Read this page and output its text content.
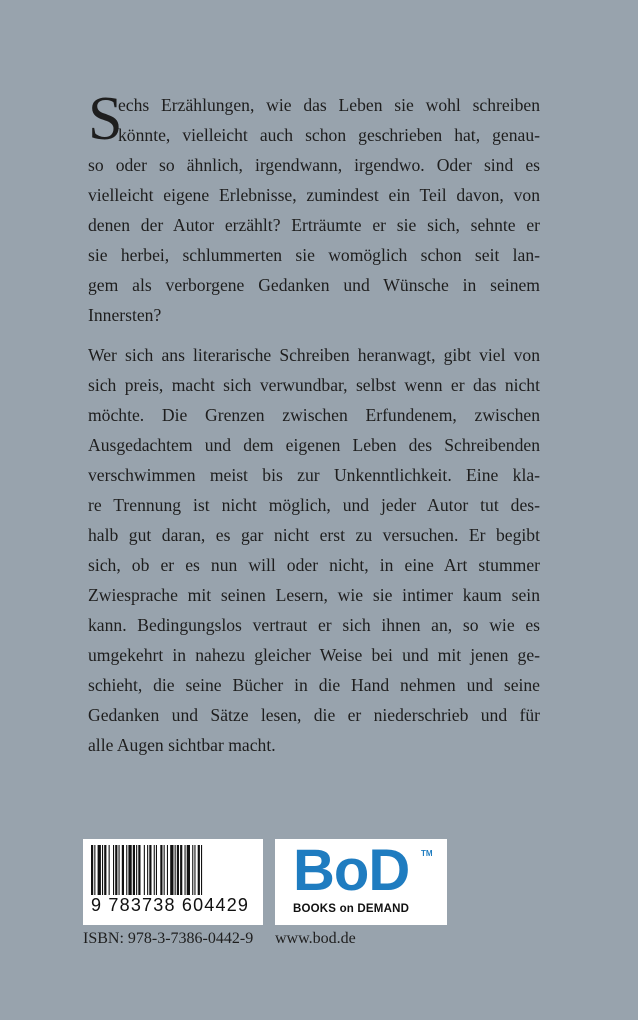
S
echs Erzählungen, wie das Leben sie wohl schreiben
könnte, vielleicht auch schon geschrieben hat, genau-
so oder so ähnlich, irgendwann, irgendwo. Oder sind es
vielleicht eigene Erlebnisse, zumindest ein Teil davon, von
denen der Autor erzählt? Erträumte er sie sich, sehnte er
sie herbei, schlummerten sie womöglich schon seit lan-
gem als verborgene Gedanken und Wünsche in seinem
Innersten?
Wer sich ans literarische Schreiben heranwagt, gibt viel von
sich preis, macht sich verwundbar, selbst wenn er das nicht
möchte. Die Grenzen zwischen Erfundenem, zwischen
Ausgedachtem und dem eigenen Leben des Schreibenden
verschwimmen meist bis zur Unkenntlichkeit. Eine kla-
re Trennung ist nicht möglich, und jeder Autor tut des-
halb gut daran, es gar nicht erst zu versuchen. Er begibt
sich, ob er es nun will oder nicht, in eine Art stummer
Zwiesprache mit seinen Lesern, wie sie intimer kaum sein
kann. Bedingungslos vertraut er sich ihnen an, so wie es
umgekehrt in nahezu gleicher Weise bei und mit jenen ge-
schieht, die seine Bücher in die Hand nehmen und seine
Gedanken und Sätze lesen, die er niederschrieb und für
alle Augen sichtbar macht.
9 783738 604429
BoD TM
BOOKS on DEMAND
ISBN: 978-3-7386-0442-9 www.bod.de
